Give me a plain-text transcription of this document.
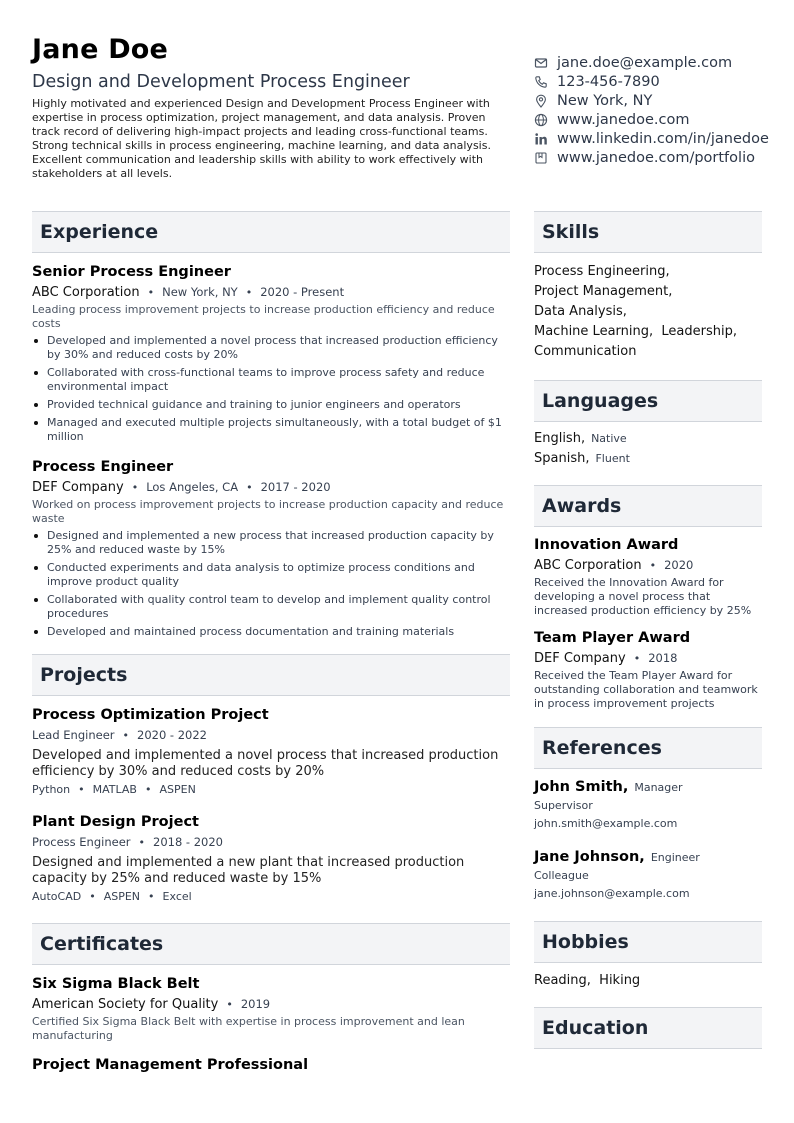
Jane Doe
Design and Development Process Engineer
Highly motivated and experienced Design and Development Process Engineer with expertise in process optimization, project management, and data analysis. Proven track record of delivering high-impact projects and leading cross-functional teams. Strong technical skills in process engineering, machine learning, and data analysis. Excellent communication and leadership skills with ability to work effectively with stakeholders at all levels.
jane.doe@example.com
123-456-7890
New York, NY
www.janedoe.com
www.linkedin.com/in/janedoe
www.janedoe.com/portfolio
Experience
Senior Process Engineer
ABC Corporation • New York, NY • 2020 - Present
Leading process improvement projects to increase production efficiency and reduce costs
Developed and implemented a novel process that increased production efficiency by 30% and reduced costs by 20%
Collaborated with cross-functional teams to improve process safety and reduce environmental impact
Provided technical guidance and training to junior engineers and operators
Managed and executed multiple projects simultaneously, with a total budget of $1 million
Process Engineer
DEF Company • Los Angeles, CA • 2017 - 2020
Worked on process improvement projects to increase production capacity and reduce waste
Designed and implemented a new process that increased production capacity by 25% and reduced waste by 15%
Conducted experiments and data analysis to optimize process conditions and improve product quality
Collaborated with quality control team to develop and implement quality control procedures
Developed and maintained process documentation and training materials
Projects
Process Optimization Project
Lead Engineer • 2020 - 2022
Developed and implemented a novel process that increased production efficiency by 30% and reduced costs by 20%
Python • MATLAB • ASPEN
Plant Design Project
Process Engineer • 2018 - 2020
Designed and implemented a new plant that increased production capacity by 25% and reduced waste by 15%
AutoCAD • ASPEN • Excel
Certificates
Six Sigma Black Belt
American Society for Quality • 2019
Certified Six Sigma Black Belt with expertise in process improvement and lean manufacturing
Project Management Professional
Skills
Process Engineering,
Project Management,
Data Analysis,
Machine Learning,  Leadership,
Communication
Languages
English, Native
Spanish, Fluent
Awards
Innovation Award
ABC Corporation • 2020
Received the Innovation Award for developing a novel process that increased production efficiency by 25%
Team Player Award
DEF Company • 2018
Received the Team Player Award for outstanding collaboration and teamwork in process improvement projects
References
John Smith, Manager
Supervisor
john.smith@example.com
Jane Johnson, Engineer
Colleague
jane.johnson@example.com
Hobbies
Reading,  Hiking
Education
